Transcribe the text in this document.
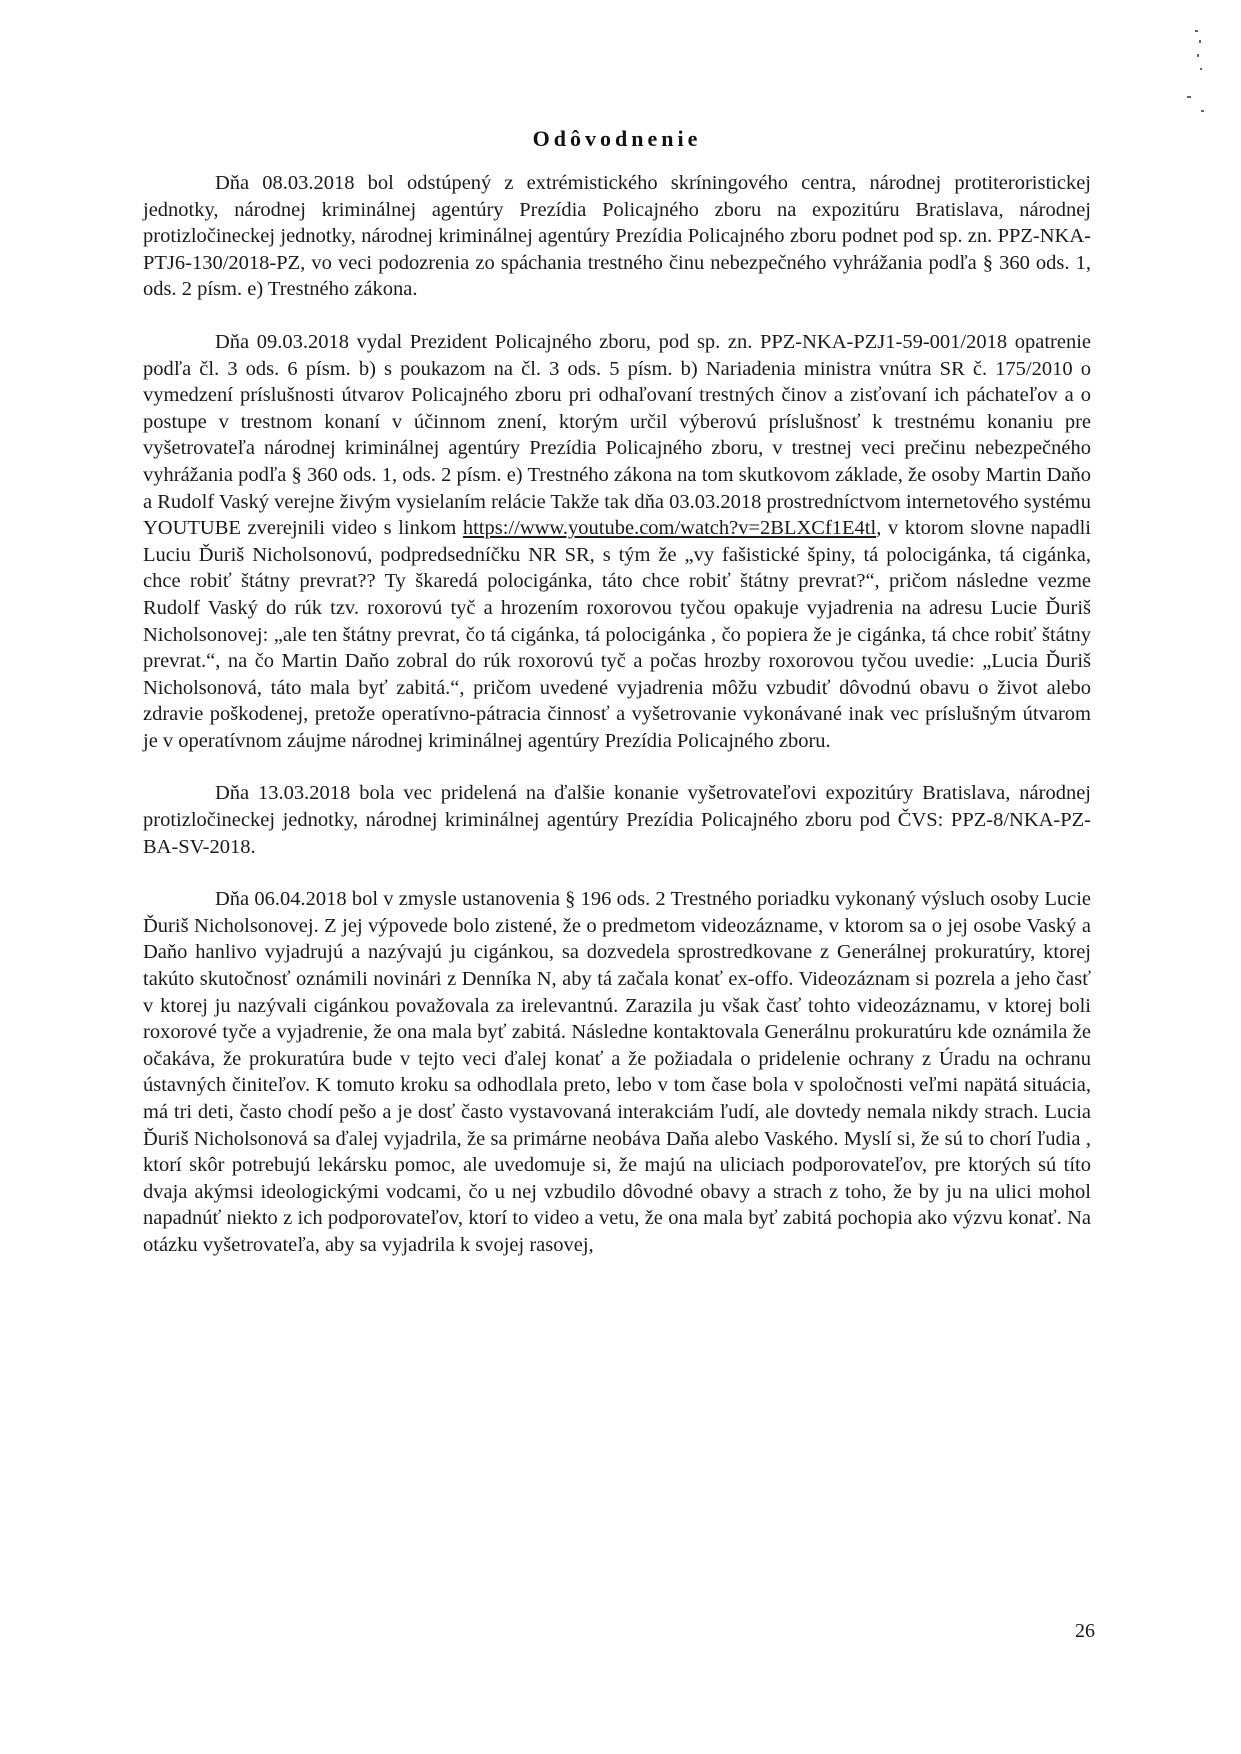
Odôvodnenie

Dňa 08.03.2018 bol odstúpený z extrémistického skríningového centra, národnej protiteroristickej jednotky, národnej kriminálnej agentúry Prezídia Policajného zboru na expozitúru Bratislava, národnej protizločineckej jednotky, národnej kriminálnej agentúry Prezídia Policajného zboru podnet pod sp. zn. PPZ-NKA-PTJ6-130/2018-PZ, vo veci podozrenia zo spáchania trestného činu nebezpečného vyhrážania podľa § 360 ods. 1, ods. 2 písm. e) Trestného zákona.

Dňa 09.03.2018 vydal Prezident Policajného zboru, pod sp. zn. PPZ-NKA-PZJ1-59-001/2018 opatrenie podľa čl. 3 ods. 6 písm. b) s poukazom na čl. 3 ods. 5 písm. b) Nariadenia ministra vnútra SR č. 175/2010 o vymedzení príslušnosti útvarov Policajného zboru pri odhaľovaní trestných činov a zisťovaní ich páchateľov a o postupe v trestnom konaní v účinnom znení, ktorým určil výberovú príslušnosť k trestnému konaniu pre vyšetrovateľa národnej kriminálnej agentúry Prezídia Policajného zboru, v trestnej veci prečinu nebezpečného vyhrážania podľa § 360 ods. 1, ods. 2 písm. e) Trestného zákona na tom skutkovom základe, že osoby Martin Daňo a Rudolf Vaský verejne živým vysielaním relácie Takže tak dňa 03.03.2018 prostredníctvom internetového systému YOUTUBE zverejnili video s linkom https://www.youtube.com/watch?v=2BLXCf1E4tl, v ktorom slovne napadli Luciu Ďuriš Nicholsonovú, podpredsedníčku NR SR, s tým že „vy fašistické špiny, tá polocigánka, tá cigánka, chce robiť štátny prevrat?? Ty škaredá polocigánka, táto chce robiť štátny prevrat?“, pričom následne vezme Rudolf Vaský do rúk tzv. roxorovú tyč a hrozením roxorovou tyčou opakuje vyjadrenia na adresu Lucie Ďuriš Nicholsonovej: „ale ten štátny prevrat, čo tá cigánka, tá polocigánka , čo popiera že je cigánka, tá chce robiť štátny prevrat.“, na čo Martin Daňo zobral do rúk roxorovú tyč a počas hrozby roxorovou tyčou uvedie: „Lucia Ďuriš Nicholsonová, táto mala byť zabitá.“, pričom uvedené vyjadrenia môžu vzbudiť dôvodnú obavu o život alebo zdravie poškodenej, pretože operatívno-pátracia činnosť a vyšetrovanie vykonávané inak vec príslušným útvarom je v operatívnom záujme národnej kriminálnej agentúry Prezídia Policajného zboru.

Dňa 13.03.2018 bola vec pridelená na ďalšie konanie vyšetrovateľovi expozitúry Bratislava, národnej protizločineckej jednotky, národnej kriminálnej agentúry Prezídia Policajného zboru pod ČVS: PPZ-8/NKA-PZ-BA-SV-2018.

Dňa 06.04.2018 bol v zmysle ustanovenia § 196 ods. 2 Trestného poriadku vykonaný výsluch osoby Lucie Ďuriš Nicholsonovej. Z jej výpovede bolo zistené, že o predmetom videozázname, v ktorom sa o jej osobe Vaský a Daňo hanlivo vyjadrujú a nazývajú ju cigánkou, sa dozvedela sprostredkovane z Generálnej prokuratúry, ktorej takúto skutočnosť oznámili novinári z Denníka N, aby tá začala konať ex-offo. Videozáznam si pozrela a jeho časť v ktorej ju nazývali cigánkou považovala za irelevantnú. Zarazila ju však časť tohto videozáznamu, v ktorej boli roxorové tyče a vyjadrenie, že ona mala byť zabitá. Následne kontaktovala Generálnu prokuratúru kde oznámila že očakáva, že prokuratúra bude v tejto veci ďalej konať a že požiadala o pridelenie ochrany z Úradu na ochranu ústavných činiteľov. K tomuto kroku sa odhodlala preto, lebo v tom čase bola v spoločnosti veľmi napätá situácia, má tri deti, často chodí pešo a je dosť často vystavovaná interakciám ľudí, ale dovtedy nemala nikdy strach. Lucia Ďuriš Nicholsonová sa ďalej vyjadrila, že sa primárne neobáva Daňa alebo Vaského. Myslí si, že sú to chorí ľudia , ktorí skôr potrebujú lekársku pomoc, ale uvedomuje si, že majú na uliciach podporovateľov, pre ktorých sú títo dvaja akýmsi ideologickými vodcami, čo u nej vzbudilo dôvodné obavy a strach z toho, že by ju na ulici mohol napadnúť niekto z ich podporovateľov, ktorí to video a vetu, že ona mala byť zabitá pochopia ako výzvu konať. Na otázku vyšetrovateľa, aby sa vyjadrila k svojej rasovej,

26
